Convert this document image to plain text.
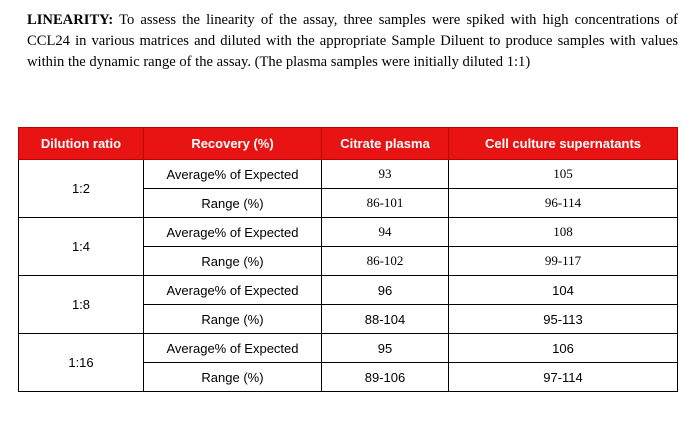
LINEARITY: To assess the linearity of the assay, three samples were spiked with high concentrations of CCL24 in various matrices and diluted with the appropriate Sample Diluent to produce samples with values within the dynamic range of the assay. (The plasma samples were initially diluted 1:1)

Dilution ratio	Recovery (%)	Citrate plasma	Cell culture supernatants
1:2	Average% of Expected	93	105
	Range (%)	86-101	96-114
1:4	Average% of Expected	94	108
	Range (%)	86-102	99-117
1:8	Average% of Expected	96	104
	Range (%)	88-104	95-113
1:16	Average% of Expected	95	106
	Range (%)	89-106	97-114
